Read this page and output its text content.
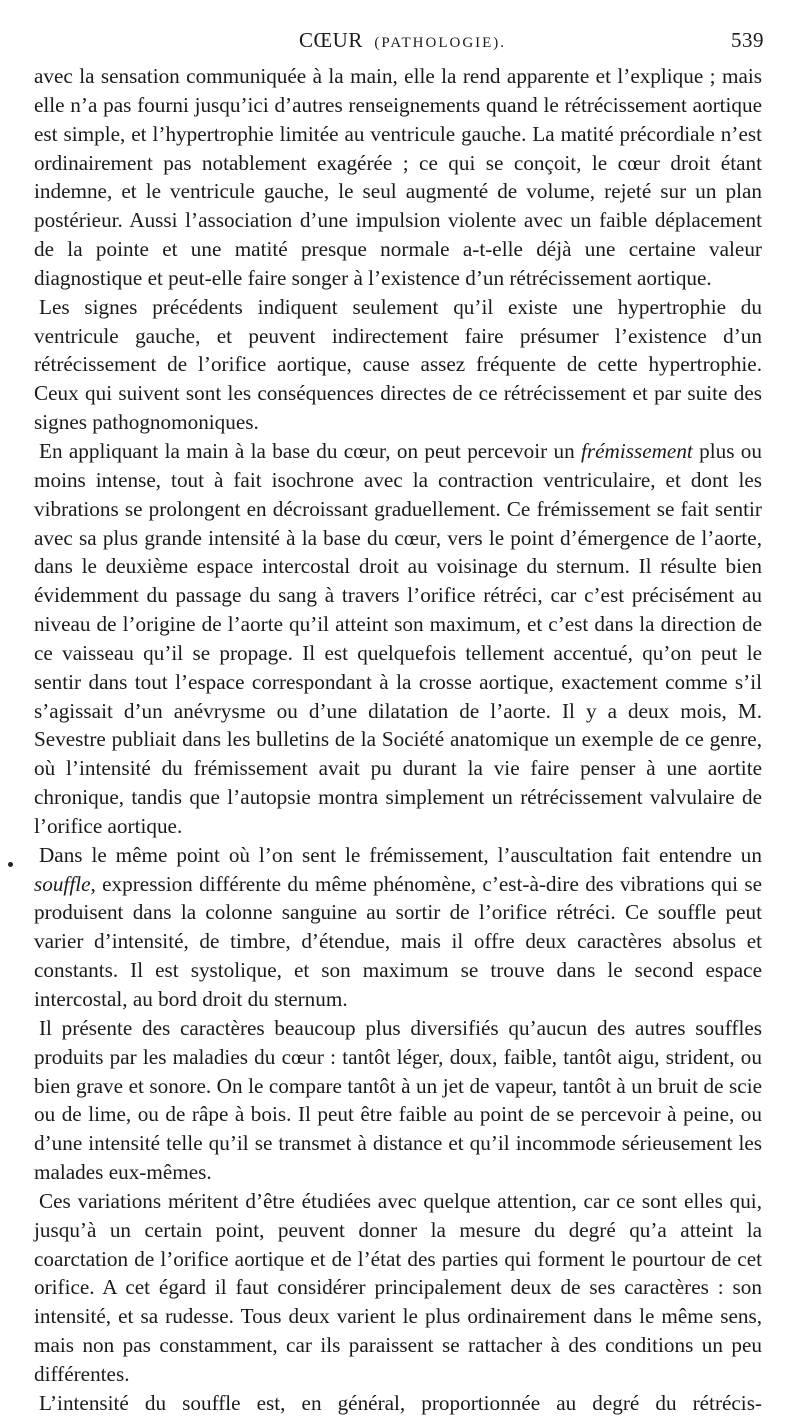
CŒUR (PATHOLOGIE).	539

avec la sensation communiquée à la main, elle la rend apparente et l’explique ; mais elle n’a pas fourni jusqu’ici d’autres renseignements quand le rétrécissement aortique est simple, et l’hypertrophie limitée au ventricule gauche. La matité précordiale n’est ordinairement pas notablement exagérée ; ce qui se conçoit, le cœur droit étant indemne, et le ventricule gauche, le seul augmenté de volume, rejeté sur un plan postérieur. Aussi l’association d’une impulsion violente avec un faible déplacement de la pointe et une matité presque normale a-t-elle déjà une certaine valeur diagnostique et peut-elle faire songer à l’existence d’un rétrécissement aortique.

Les signes précédents indiquent seulement qu’il existe une hypertrophie du ventricule gauche, et peuvent indirectement faire présumer l’existence d’un rétrécissement de l’orifice aortique, cause assez fréquente de cette hypertrophie. Ceux qui suivent sont les conséquences directes de ce rétrécissement et par suite des signes pathognomoniques.

En appliquant la main à la base du cœur, on peut percevoir un frémissement plus ou moins intense, tout à fait isochrone avec la contraction ventriculaire, et dont les vibrations se prolongent en décroissant graduellement. Ce frémissement se fait sentir avec sa plus grande intensité à la base du cœur, vers le point d’émergence de l’aorte, dans le deuxième espace intercostal droit au voisinage du sternum. Il résulte bien évidemment du passage du sang à travers l’orifice rétréci, car c’est précisément au niveau de l’origine de l’aorte qu’il atteint son maximum, et c’est dans la direction de ce vaisseau qu’il se propage. Il est quelquefois tellement accentué, qu’on peut le sentir dans tout l’espace correspondant à la crosse aortique, exactement comme s’il s’agissait d’un anévrysme ou d’une dilatation de l’aorte. Il y a deux mois, M. Sevestre publiait dans les bulletins de la Société anatomique un exemple de ce genre, où l’intensité du frémissement avait pu durant la vie faire penser à une aortite chronique, tandis que l’autopsie montra simplement un rétrécissement valvulaire de l’orifice aortique.

Dans le même point où l’on sent le frémissement, l’auscultation fait entendre un souffle, expression différente du même phénomène, c’est-à-dire des vibrations qui se produisent dans la colonne sanguine au sortir de l’orifice rétréci. Ce souffle peut varier d’intensité, de timbre, d’étendue, mais il offre deux caractères absolus et constants. Il est systolique, et son maximum se trouve dans le second espace intercostal, au bord droit du sternum.

Il présente des caractères beaucoup plus diversifiés qu’aucun des autres souffles produits par les maladies du cœur : tantôt léger, doux, faible, tantôt aigu, strident, ou bien grave et sonore. On le compare tantôt à un jet de vapeur, tantôt à un bruit de scie ou de lime, ou de râpe à bois. Il peut être faible au point de se percevoir à peine, ou d’une intensité telle qu’il se transmet à distance et qu’il incommode sérieusement les malades eux-mêmes.

Ces variations méritent d’être étudiées avec quelque attention, car ce sont elles qui, jusqu’à un certain point, peuvent donner la mesure du degré qu’a atteint la coarctation de l’orifice aortique et de l’état des parties qui forment le pourtour de cet orifice. A cet égard il faut considérer principalement deux de ses caractères : son intensité, et sa rudesse. Tous deux varient le plus ordinairement dans le même sens, mais non pas constamment, car ils paraissent se rattacher à des conditions un peu différentes.

L’intensité du souffle est, en général, proportionnée au degré du rétrécis-
